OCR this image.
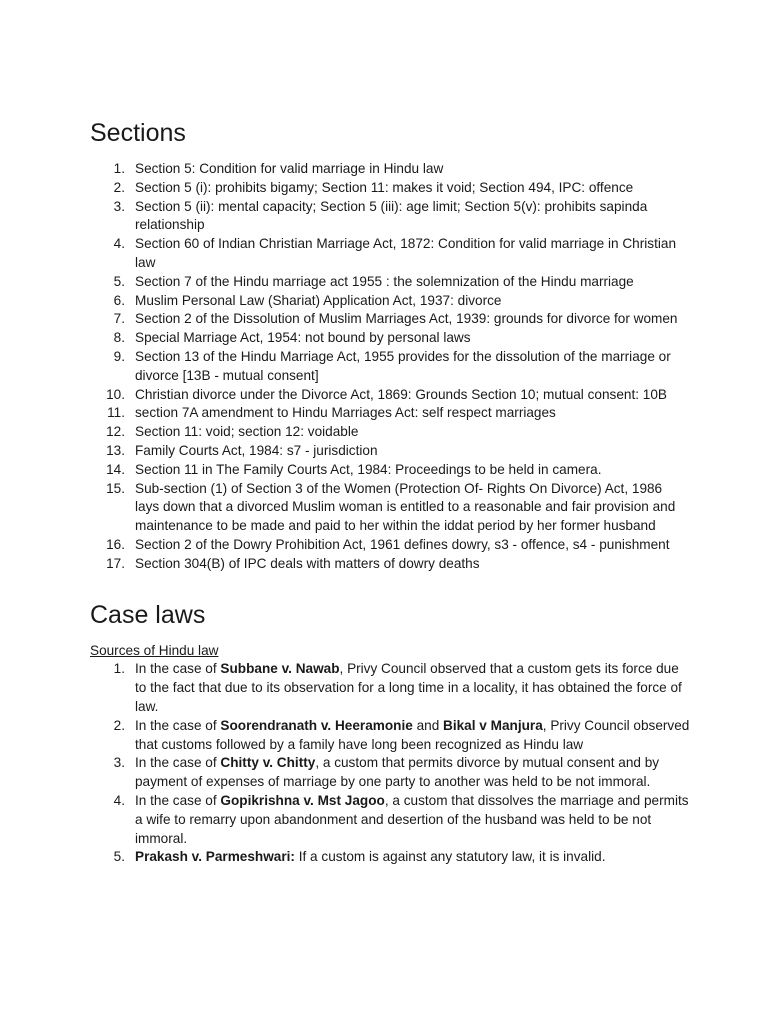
Sections
1. Section 5: Condition for valid marriage in Hindu law
2. Section 5 (i): prohibits bigamy; Section 11: makes it void; Section 494, IPC: offence
3. Section 5 (ii): mental capacity; Section 5 (iii): age limit; Section 5(v): prohibits sapinda relationship
4. Section 60 of Indian Christian Marriage Act, 1872: Condition for valid marriage in Christian law
5. Section 7 of the Hindu marriage act 1955 : the solemnization of the Hindu marriage
6. Muslim Personal Law (Shariat) Application Act, 1937: divorce
7. Section 2 of the Dissolution of Muslim Marriages Act, 1939: grounds for divorce for women
8. Special Marriage Act, 1954: not bound by personal laws
9. Section 13 of the Hindu Marriage Act, 1955 provides for the dissolution of the marriage or divorce [13B - mutual consent]
10. Christian divorce under the Divorce Act, 1869: Grounds Section 10; mutual consent: 10B
11. section 7A amendment to Hindu Marriages Act: self respect marriages
12. Section 11: void; section 12: voidable
13. Family Courts Act, 1984: s7 - jurisdiction
14. Section 11 in The Family Courts Act, 1984: Proceedings to be held in camera.
15. Sub-section (1) of Section 3 of the Women (Protection Of- Rights On Divorce) Act, 1986 lays down that a divorced Muslim woman is entitled to a reasonable and fair provision and maintenance to be made and paid to her within the iddat period by her former husband
16. Section 2 of the Dowry Prohibition Act, 1961 defines dowry, s3 - offence, s4 - punishment
17. Section 304(B) of IPC deals with matters of dowry deaths
Case laws
Sources of Hindu law
1. In the case of Subbane v. Nawab, Privy Council observed that a custom gets its force due to the fact that due to its observation for a long time in a locality, it has obtained the force of law.
2. In the case of Soorendranath v. Heeramonie and Bikal v Manjura, Privy Council observed that customs followed by a family have long been recognized as Hindu law
3. In the case of Chitty v. Chitty, a custom that permits divorce by mutual consent and by payment of expenses of marriage by one party to another was held to be not immoral.
4. In the case of Gopikrishna v. Mst Jagoo, a custom that dissolves the marriage and permits a wife to remarry upon abandonment and desertion of the husband was held to be not immoral.
5. Prakash v. Parmeshwari: If a custom is against any statutory law, it is invalid.
